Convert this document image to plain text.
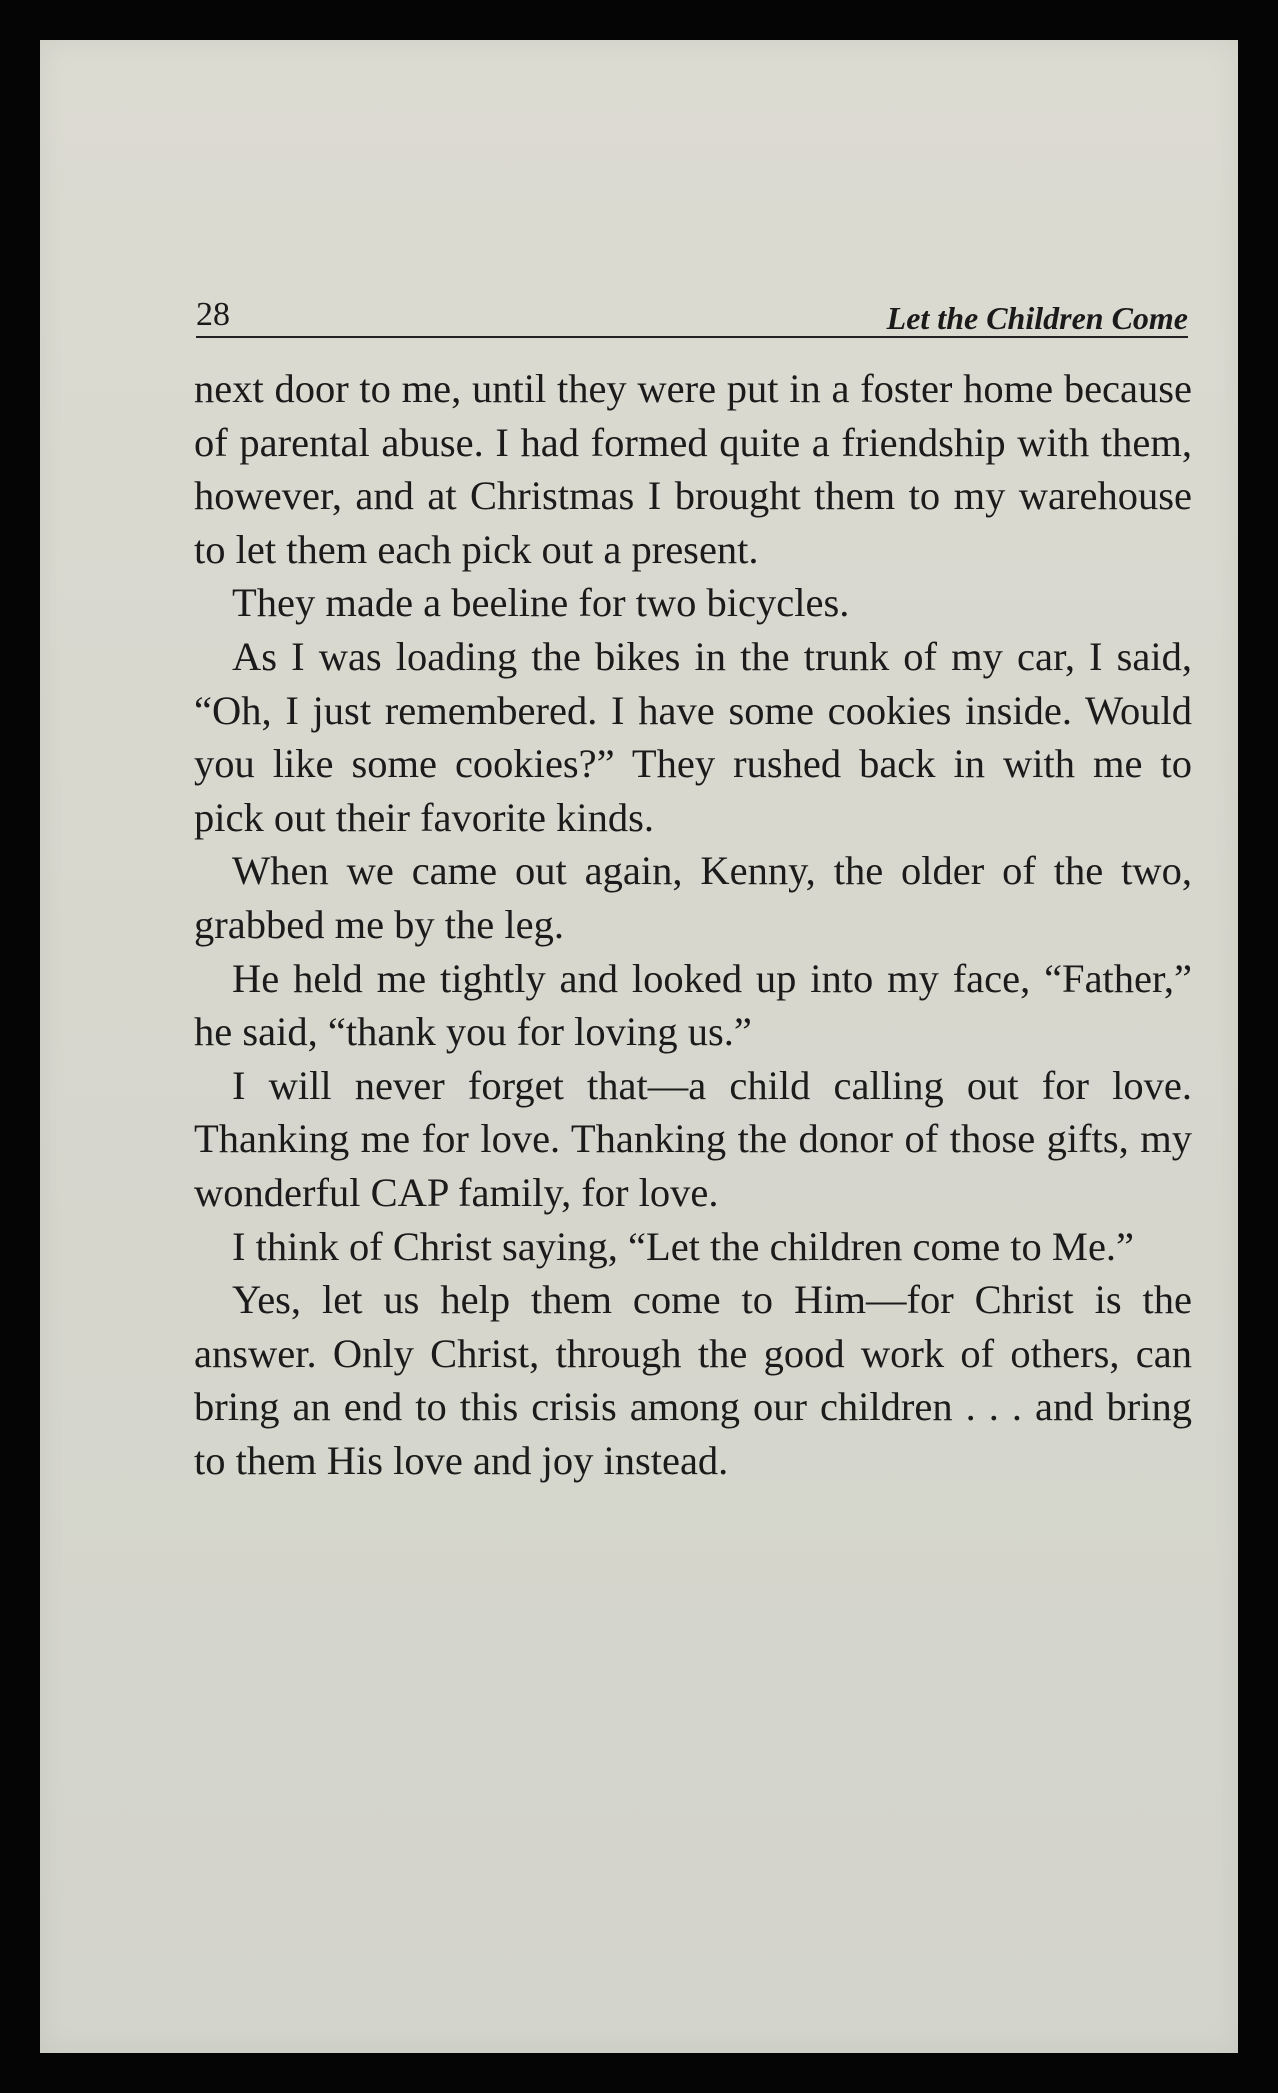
28	Let the Children Come

next door to me, until they were put in a foster home because of parental abuse. I had formed quite a friendship with them, however, and at Christmas I brought them to my warehouse to let them each pick out a present.

They made a beeline for two bicycles.

As I was loading the bikes in the trunk of my car, I said, “Oh, I just remembered. I have some cookies inside. Would you like some cookies?” They rushed back in with me to pick out their favorite kinds.

When we came out again, Kenny, the older of the two, grabbed me by the leg.

He held me tightly and looked up into my face, “Father,” he said, “thank you for loving us.”

I will never forget that—a child calling out for love. Thanking me for love. Thanking the donor of those gifts, my wonderful CAP family, for love.

I think of Christ saying, “Let the children come to Me.”

Yes, let us help them come to Him—for Christ is the answer. Only Christ, through the good work of others, can bring an end to this crisis among our children . . . and bring to them His love and joy instead.
